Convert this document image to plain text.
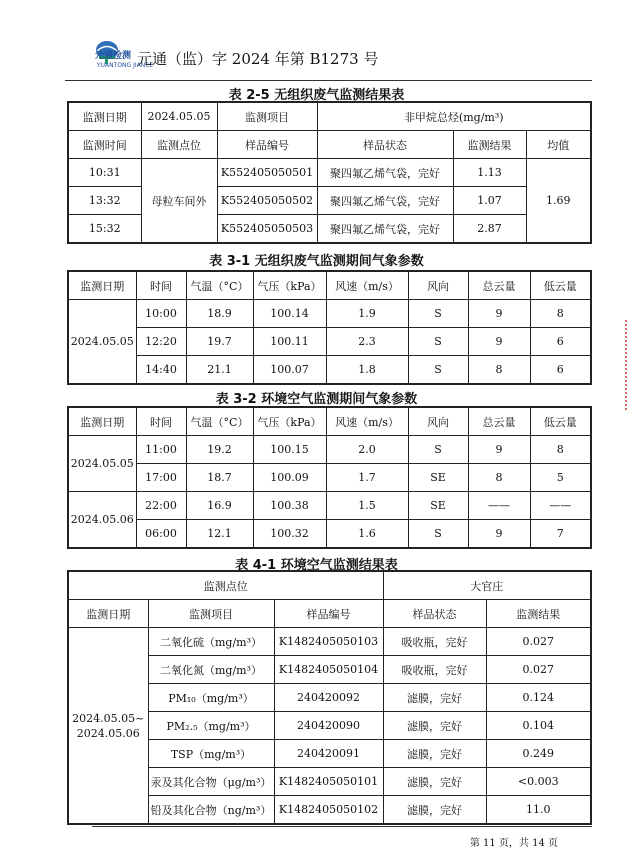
YUANTONG JIANCE
$^{元通检测}$ 元通（监）字 2024 年第 B1273 号
表 2-5 无组织废气监测结果表
监测日期	2024.05.05	监测项目	非甲烷总烃(mg/m³)		
监测时间	监测点位	样品编号	样品状态	监测结果	均值
10:31	母粒车间外	K552405050501	聚四氟乙烯气袋，完好	1.13	1.69
13:32		K552405050502	聚四氟乙烯气袋，完好	1.07	
15:32		K552405050503	聚四氟乙烯气袋，完好	2.87	
表 3-1 无组织废气监测期间气象参数
监测日期	时间	气温（°C）	气压（kPa）	风速（m/s）	风向	总云量	低云量
2024.05.05	10:00	18.9	100.14	1.9	S	9	8
	12:20	19.7	100.11	2.3	S	9	6
	14:40	21.1	100.07	1.8	S	8	6
表 3-2 环境空气监测期间气象参数
监测日期	时间	气温（°C）	气压（kPa）	风速（m/s）	风向	总云量	低云量
2024.05.05	11:00	19.2	100.15	2.0	S	9	8
	17:00	18.7	100.09	1.7	SE	8	5
2024.05.06	22:00	16.9	100.38	1.5	SE	——	——
	06:00	12.1	100.32	1.6	S	9	7
表 4-1 环境空气监测结果表
监测点位			大官庄	
监测日期	监测项目	样品编号	样品状态	监测结果

2024.05.05~
2024.05.06	二氧化硫（mg/m³）	K1482405050103	吸收瓶，完好	0.027
	二氧化氮（mg/m³）	K1482405050104	吸收瓶，完好	0.027
	PM₁₀（mg/m³）	240420092	滤膜，完好	0.124
	PM₂.₅（mg/m³）	240420090	滤膜，完好	0.104
	TSP（mg/m³）	240420091	滤膜，完好	0.249
	汞及其化合物（μg/m³）	K1482405050101	滤膜，完好	<0.003
	铅及其化合物（ng/m³）	K1482405050102	滤膜，完好	11.0
第 11 页，共 14 页
